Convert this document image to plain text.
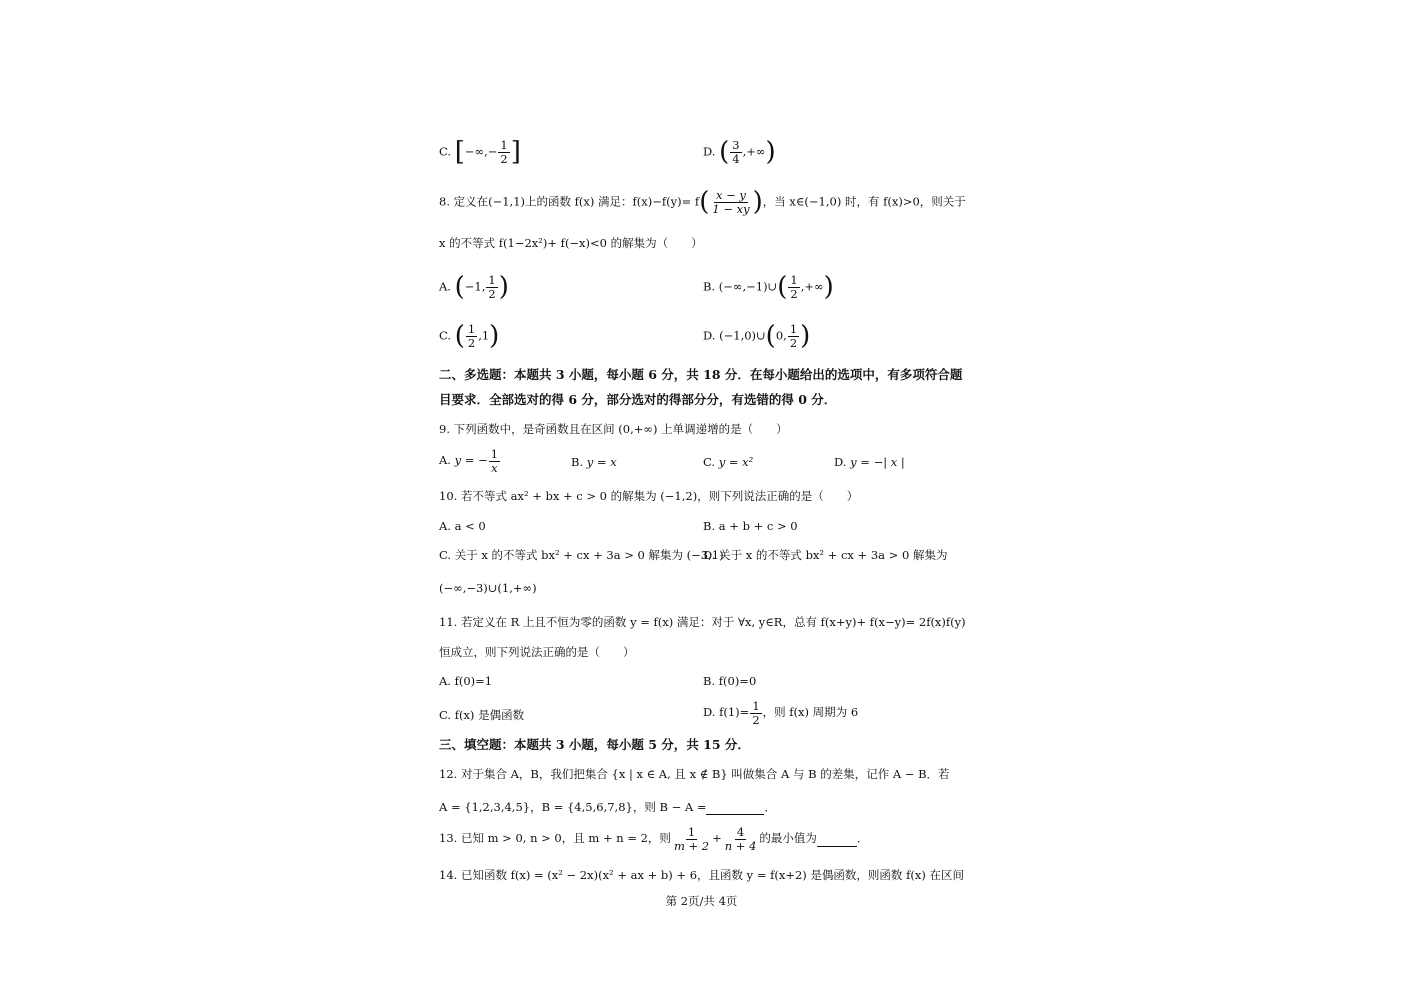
C. [−∞,− $\frac{1}{2}$ ]	D. ( $\frac{3}{4}$ ,+∞)
8. 定义在(−1,1)上的函数 f(x) 满足：$f(x)-f(y)= f( \frac{x - y}{1 - xy}$ )，当 x∈(−1,0) 时，有 f(x)>0，则关于
x 的不等式 f(1−2x²)+ f(−x)<0 的解集为（　　）
A. (−1, $\frac{1}{2}$ )	B. (−∞,−1)∪( $\frac{1}{2}$ ,+∞)
C. ( $\frac{1}{2} ,1$)	D. (−1,0)∪(0, $\frac{1}{2}$ )
二、多选题：本题共 3 小题，每小题 6 分，共 18 分．在每小题给出的选项中，有多项符合题
目要求．全部选对的得 6 分，部分选对的得部分分，有选错的得 0 分．
9. 下列函数中，是奇函数且在区间 (0,+∞) 上单调递增的是（　　）
A. y = − $\frac{1}{x}$	B. y = x	C. y = x²	D. y = −| x |
10. 若不等式 ax² + bx + c > 0 的解集为 (−1,2)，则下列说法正确的是（　　）
A. a < 0	B. a + b + c > 0
C. 关于 x 的不等式 bx² + cx + 3a > 0 解集为 (−3,1)
D. 关于 x 的不等式 bx² + cx + 3a > 0 解集为
(−∞,−3)∪(1,+∞)
11. 若定义在 R 上且不恒为零的函数 y = f(x) 满足：对于 ∀x, y∈R，总有 f(x+y)+ f(x−y)= 2f(x)f(y)
恒成立，则下列说法正确的是（　　）
A. f(0)=1	B. f(0)=0
C. f(x) 是偶函数	D. $f(1)= \frac{1}{2}$ ，则 f(x) 周期为 6
三、填空题：本题共 3 小题，每小题 5 分，共 15 分．
12. 对于集合 A，B，我们把集合 {x | x ∈ A, 且 x ∉ B} 叫做集合 A 与 B 的差集，记作 A − B．若
A = {1,2,3,4,5}，B = {4,5,6,7,8}，则 B − A =	．
13. 已知 m > 0, n > 0，且 m + n = 2，则 $\frac{1}{m + 2} + \frac{4}{n + 4}$ 的最小值为	．
14. 已知函数 f(x) = (x² − 2x)(x² + ax + b) + 6，且函数 y = f(x+2) 是偶函数，则函数 f(x) 在区间
第 2页/共 4页
